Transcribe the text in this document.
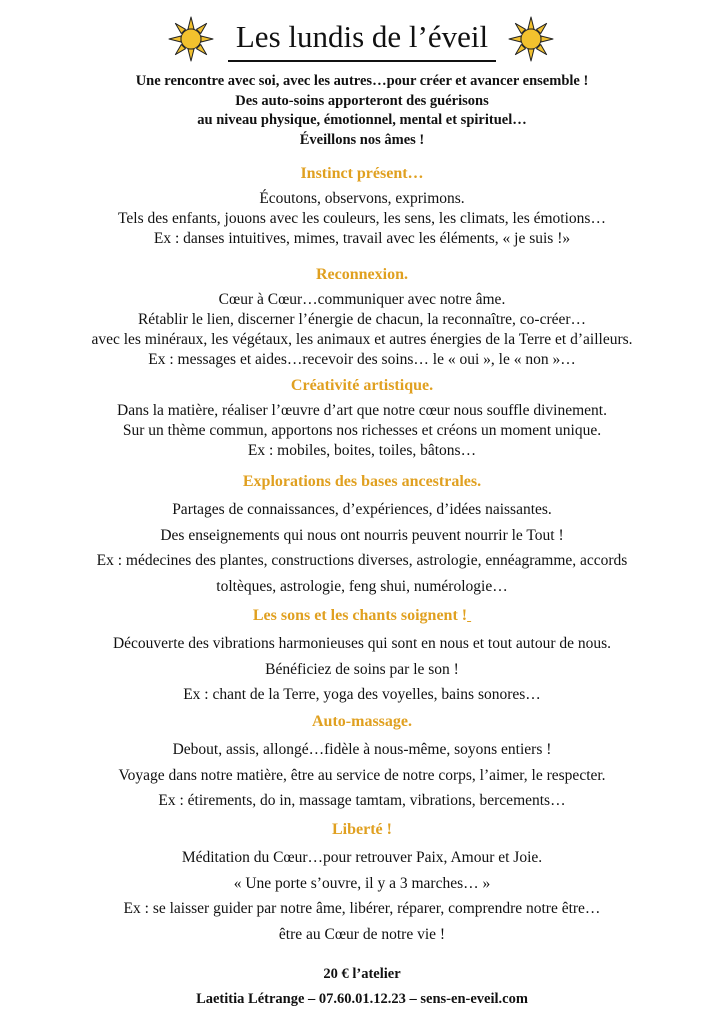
Les lundis de l’éveil
Une rencontre avec soi, avec les autres…pour créer et avancer ensemble !
Des auto-soins apporteront des guérisons
au niveau physique, émotionnel, mental et spirituel…
Éveillons nos âmes !
Instinct présent…
Écoutons, observons, exprimons.
Tels des enfants, jouons avec les couleurs, les sens, les climats, les émotions…
Ex : danses intuitives, mimes, travail avec les éléments, « je suis !»
Reconnexion.
Cœur à Cœur…communiquer avec notre âme.
Rétablir le lien, discerner l’énergie de chacun, la reconnaître, co-créer…
avec les minéraux, les végétaux, les animaux et autres énergies de la Terre et d’ailleurs.
Ex : messages et aides…recevoir des soins… le « oui », le « non »…
Créativité artistique.
Dans la matière, réaliser l’œuvre d’art que notre cœur nous souffle divinement.
Sur un thème commun, apportons nos richesses et créons un moment unique.
Ex : mobiles, boites, toiles, bâtons…
Explorations des bases ancestrales.
Partages de connaissances, d’expériences, d’idées naissantes.
Des enseignements qui nous ont nourris peuvent nourrir le Tout !
Ex : médecines des plantes, constructions diverses, astrologie, ennéagramme, accords
toltèques, astrologie, feng shui, numérologie…
Les sons et les chants soignent !
Découverte des vibrations harmonieuses qui sont en nous et tout autour de nous.
Bénéficiez de soins par le son !
Ex : chant de la Terre, yoga des voyelles, bains sonores…
Auto-massage.
Debout, assis, allongé…fidèle à nous-même, soyons entiers !
Voyage dans notre matière, être au service de notre corps, l’aimer, le respecter.
Ex : étirements, do in, massage tamtam, vibrations, bercements…
Liberté !
Méditation du Cœur…pour retrouver Paix, Amour et Joie.
« Une porte s’ouvre, il y a 3 marches… »
Ex : se laisser guider par notre âme, libérer, réparer, comprendre notre être…
être au Cœur de notre vie !
20 € l’atelier
Laetitia Létrange – 07.60.01.12.23 – sens-en-eveil.com
